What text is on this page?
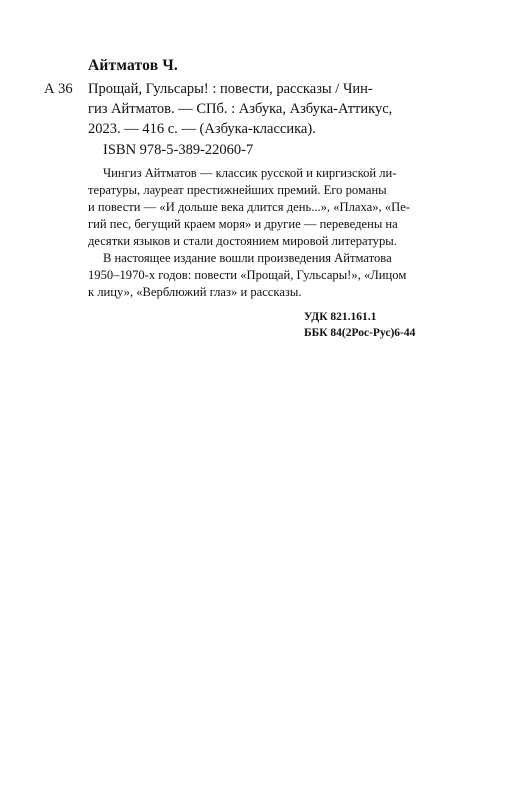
Айтматов Ч.
А 36 Прощай, Гульсары! : повести, рассказы / Чин-
гиз Айтматов. — СПб. : Азбука, Азбука-Аттикус,
2023. — 416 с. — (Азбука-классика).
ISBN 978-5-389-22060-7
Чингиз Айтматов — классик русской и киргизской ли-
тературы, лауреат престижнейших премий. Его романы
и повести — «И дольше века длится день...», «Плаха», «Пе-
гий пес, бегущий краем моря» и другие — переведены на
десятки языков и стали достоянием мировой литературы.
В настоящее издание вошли произведения Айтматова
1950–1970-х годов: повести «Прощай, Гульсары!», «Лицом
к лицу», «Верблюжий глаз» и рассказы.
УДК 821.161.1
ББК 84(2Рос-Рус)6-44
